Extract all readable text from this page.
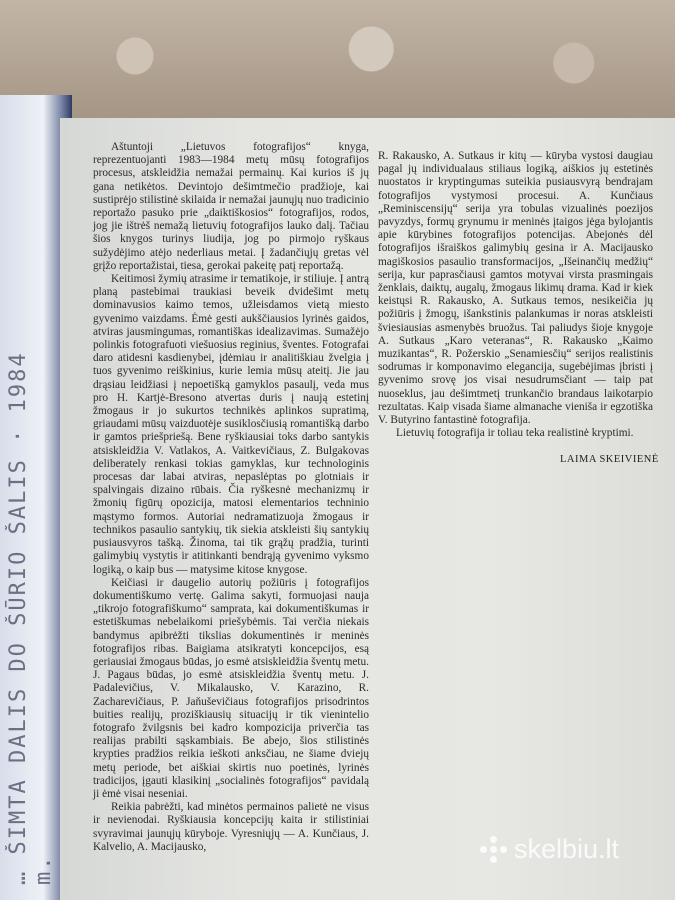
… ŠIMTA DALIS DO ŠŪRIO ŠALIS · 1984 m.

Aštuntoji „Lietuvos fotografijos“ knyga, reprezentuojanti 1983—1984 metų mūsų fotografijos procesus, atskleidžia nemažai permainų. Kai kurios iš jų gana netikėtos. Devintojo dešimtmečio pradžioje, kai sustiprėjo stilistinė skilaida ir nemažai jaunųjų nuo tradicinio reportažo pasuko prie „daiktiškosios“ fotografijos, rodos, jog jie ištrėš nemažą lietuvių fotografijos lauko dalį. Tačiau šios knygos turinys liudija, jog po pirmojo ryškaus sužydėjimo atėjo nederliaus metai. Į žadančiųjų gretas vėl grįžo reportažistai, tiesa, gerokai pakeitę patį reportažą.

Keitimosi žymių atrasime ir tematikoje, ir stiliuje. Į antrą planą pastebimai traukiasi beveik dvidešimt metų dominavusios kaimo temos, užleisdamos vietą miesto gyvenimo vaizdams. Ėmė gesti aukščiausios lyrinės gaidos, atviras jausmingumas, romantiškas idealizavimas. Sumažėjo polinkis fotografuoti viešuosius reginius, šventes. Fotografai daro atidesni kasdienybei, įdėmiau ir analitiškiau žvelgia į tuos gyvenimo reiškinius, kurie lemia mūsų ateitį. Jie jau drąsiau leidžiasi į nepoetišką gamyklos pasaulį, veda mus pro H. Kartjė-Bresono atvertas duris į naują estetinį žmogaus ir jo sukurtos technikės aplinkos supratimą, griaudami mūsų vaizduotėje susiklosčiusią romantišką darbo ir gamtos priešpriešą. Bene ryškiausiai toks darbo santykis atsiskleidžia V. Vatlakos, A. Vaitkevičiaus, Z. Bulgakovas deliberately renkasi tokias gamyklas, kur technologinis procesas dar labai atviras, nepaslėptas po glotniais ir spalvingais dizaino rūbais. Čia ryškesnė mechanizmų ir žmonių figūrų opozicija, matosi elementarios techninio mąstymo formos. Autoriai nedramatizuoja žmogaus ir technikos pasaulio santykių, tik siekia atskleisti šių santykių pusiausvyros tašką. Žinoma, tai tik grąžų pradžia, turinti galimybių vystytis ir atitinkanti bendrąją gyvenimo vyksmo logiką, o kaip bus — matysime kitose knygose.

Keičiasi ir daugelio autorių požiūris į fotografijos dokumentiškumo vertę. Galima sakyti, formuojasi nauja „tikrojo fotografiškumo“ samprata, kai dokumentiškumas ir estetiškumas nebelaikomi priešybėmis. Tai verčia niekais bandymus apibrėžti tikslias dokumentinės ir meninės fotografijos ribas. Baigiama atsikratyti koncepcijos, esą geriausiai žmogaus būdas, jo esmė atsiskleidžia šventų metu. J. Pagaus būdas, jo esmė atsiskleidžia šventų metu. J. Padalevičius, V. Mikalausko, V. Karazino, R. Zacharevičiaus, P. Jaňuševičiaus fotografijos prisodrintos buities realijų, proziškiausių situacijų ir tik vienintelio fotografo žvilgsnis bei kadro kompozicija priverčia tas realijas prabilti sąskambiais. Be abejo, šios stilistinės krypties pradžios reikia ieškoti anksčiau, ne šiame dviejų metų periode, bet aiškiai skirtis nuo poetinės, lyrinės tradicijos, įgauti klasikinį „socialinės fotografijos“ pavidalą ji ėmė visai neseniai.

Reikia pabrėžti, kad minėtos permainos palietė ne visus ir nevienodai. Ryškiausia koncepcijų kaita ir stilistiniai svyravimai jaunųjų kūryboje. Vyresniųjų — A. Kunčiaus, J. Kalvelio, A. Macijausko,

R. Rakausko, A. Sutkaus ir kitų — kūryba vystosi daugiau pagal jų individualaus stiliaus logiką, aiškios jų estetinės nuostatos ir kryptingumas suteikia pusiausvyrą bendrajam fotografijos vystymosi procesui. A. Kunčiaus „Reminiscensijų“ serija yra tobulas vizualinės poezijos pavyzdys, formų grynumu ir meninės įtaigos jėga bylojantis apie kūrybines fotografijos potencijas. Abejonės dėl fotografijos išraiškos galimybių gesina ir A. Macijausko magiškosios pasaulio transformacijos, „Išeinančių medžių“ serija, kur paprasčiausi gamtos motyvai virsta prasmingais ženklais, daiktų, augalų, žmogaus likimų drama. Kad ir kiek keistųsi R. Rakausko, A. Sutkaus temos, nesikeičia jų požiūris į žmogų, išankstinis palankumas ir noras atskleisti šviesiausias asmenybės bruožus. Tai paliudys šioje knygoje A. Sutkaus „Karo veteranas“, R. Rakausko „Kaimo muzikantas“, R. Požerskio „Senamiesčių“ serijos realistinis sodrumas ir komponavimo elegancija, sugebėjimas įbristi į gyvenimo srovę jos visai nesudrumsčiant — taip pat nuoseklus, jau dešimtmetį trunkančio brandaus laikotarpio rezultatas. Kaip visada šiame almanache vieniša ir egzotiška V. Butyrino fantastinė fotografija.

Lietuvių fotografija ir toliau teka realistinė kryptimi.

LAIMA SKEIVIENĖ
skelbiu.lt
